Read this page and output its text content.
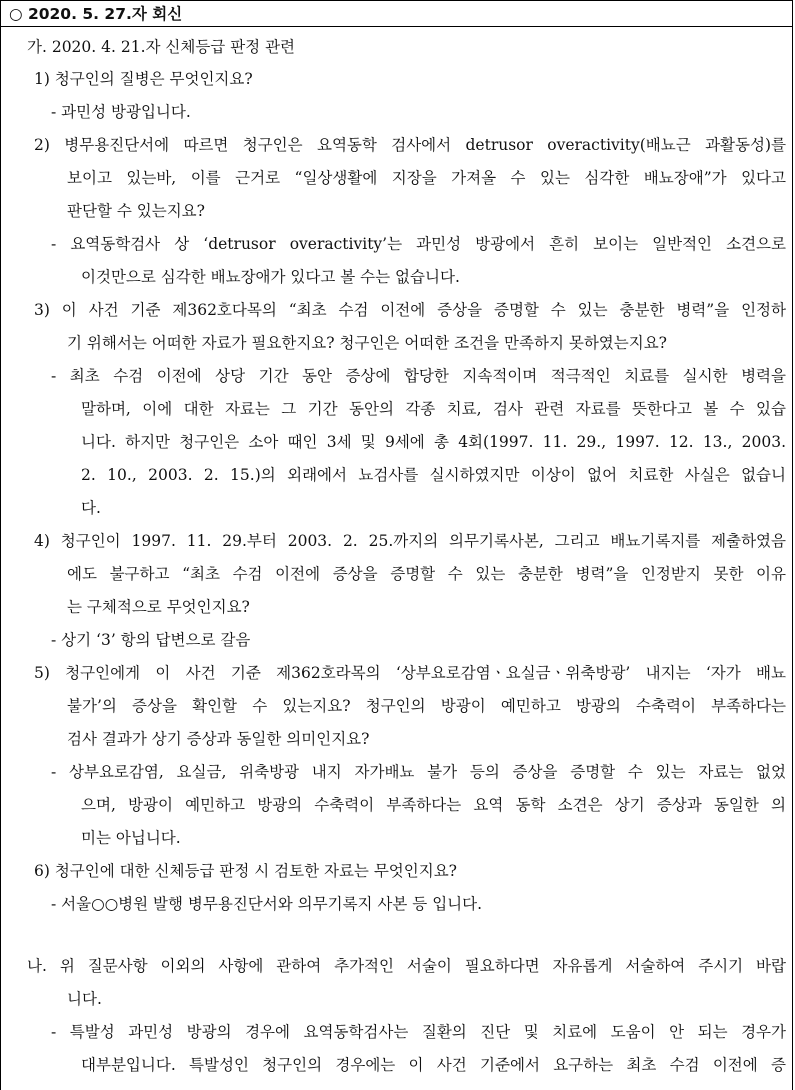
○ 2020. 5. 27.자 회신
가. 2020. 4. 21.자 신체등급 판정 관련
1) 청구인의 질병은 무엇인지요?
- 과민성 방광입니다.
2) 병무용진단서에 따르면 청구인은 요역동학 검사에서 detrusor overactivity(배뇨근 과활동성)를
보이고 있는바, 이를 근거로 “일상생활에 지장을 가져올 수 있는 심각한 배뇨장애”가 있다고
판단할 수 있는지요?
- 요역동학검사 상 ‘detrusor overactivity’는 과민성 방광에서 흔히 보이는 일반적인 소견으로
이것만으로 심각한 배뇨장애가 있다고 볼 수는 없습니다.
3) 이 사건 기준 제362호다목의 “최초 수검 이전에 증상을 증명할 수 있는 충분한 병력”을 인정하
기 위해서는 어떠한 자료가 필요한지요? 청구인은 어떠한 조건을 만족하지 못하였는지요?
- 최초 수검 이전에 상당 기간 동안 증상에 합당한 지속적이며 적극적인 치료를 실시한 병력을
말하며, 이에 대한 자료는 그 기간 동안의 각종 치료, 검사 관련 자료를 뜻한다고 볼 수 있습
니다. 하지만 청구인은 소아 때인 3세 및 9세에 총 4회(1997. 11. 29., 1997. 12. 13., 2003.
2. 10., 2003. 2. 15.)의 외래에서 뇨검사를 실시하였지만 이상이 없어 치료한 사실은 없습니
다.
4) 청구인이 1997. 11. 29.부터 2003. 2. 25.까지의 의무기록사본, 그리고 배뇨기록지를 제출하였음
에도 불구하고 “최초 수검 이전에 증상을 증명할 수 있는 충분한 병력”을 인정받지 못한 이유
는 구체적으로 무엇인지요?
- 상기 ‘3’ 항의 답변으로 갈음
5) 청구인에게 이 사건 기준 제362호라목의 ‘상부요로감염ㆍ요실금ㆍ위축방광’ 내지는 ‘자가 배뇨
불가’의 증상을 확인할 수 있는지요? 청구인의 방광이 예민하고 방광의 수축력이 부족하다는
검사 결과가 상기 증상과 동일한 의미인지요?
- 상부요로감염, 요실금, 위축방광 내지 자가배뇨 불가 등의 증상을 증명할 수 있는 자료는 없었
으며, 방광이 예민하고 방광의 수축력이 부족하다는 요역 동학 소견은 상기 증상과 동일한 의
미는 아닙니다.
6) 청구인에 대한 신체등급 판정 시 검토한 자료는 무엇인지요?
- 서울○○병원 발행 병무용진단서와 의무기록지 사본 등 입니다.
나. 위 질문사항 이외의 사항에 관하여 추가적인 서술이 필요하다면 자유롭게 서술하여 주시기 바랍
니다.
- 특발성 과민성 방광의 경우에 요역동학검사는 질환의 진단 및 치료에 도움이 안 되는 경우가
대부분입니다. 특발성인 청구인의 경우에는 이 사건 기준에서 요구하는 최초 수검 이전에 증
